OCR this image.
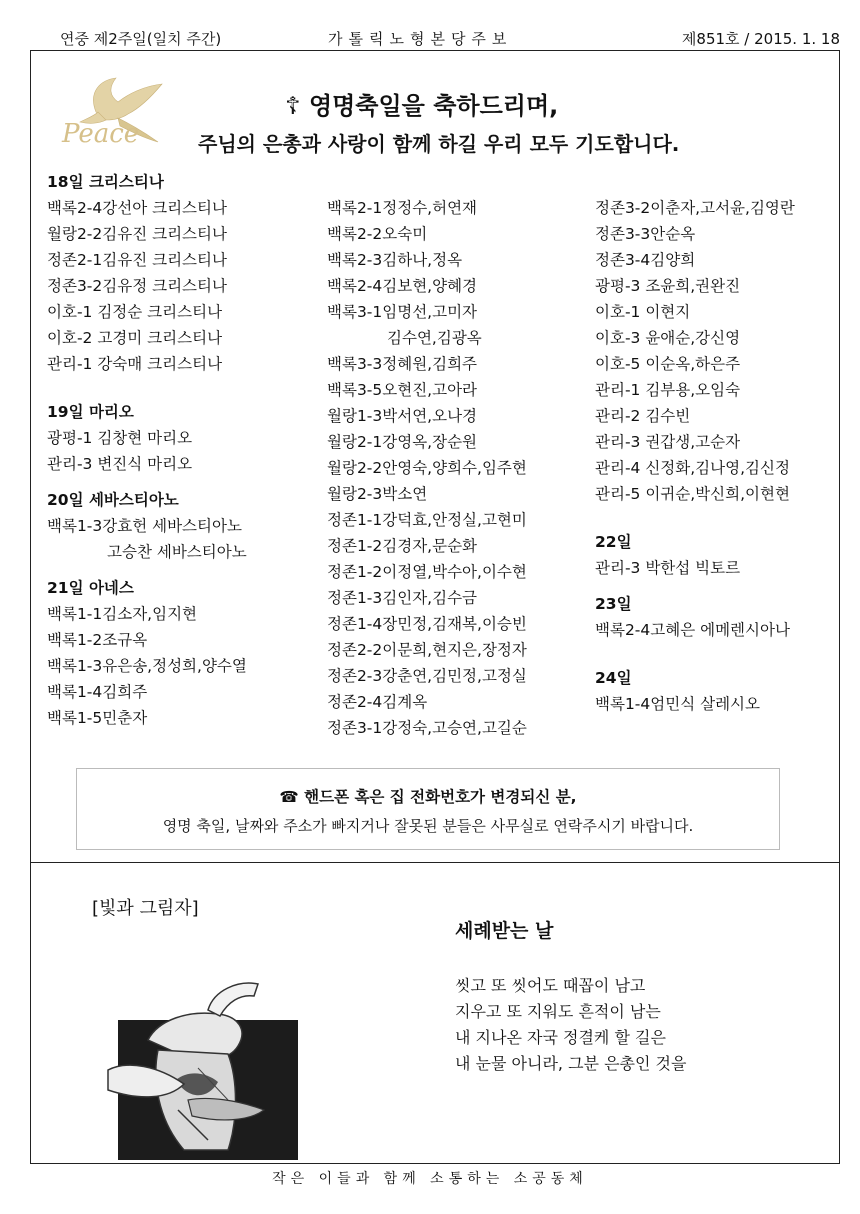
연중 제2주일(일치 주간)	가톨릭노형본당주보	제851호 / 2015. 1. 18
Peace
☦ 영명축일을 축하드리며,
주님의 은총과 사랑이 함께 하길 우리 모두 기도합니다.
18일 크리스티나
백록2-4강선아 크리스티나
월랑2-2김유진 크리스티나
정존2-1김유진 크리스티나
정존3-2김유정 크리스티나
이호-1 김정순 크리스티나
이호-2 고경미 크리스티나
관리-1 강숙매 크리스티나
19일 마리오
광평-1 김창현 마리오
관리-3 변진식 마리오
20일 세바스티아노
백록1-3강효헌 세바스티아노
고승찬 세바스티아노
21일 아네스
백록1-1김소자,임지현
백록1-2조규옥
백록1-3유은송,정성희,양수열
백록1-4김희주
백록1-5민춘자
백록2-1정정수,허연재
백록2-2오숙미
백록2-3김하나,정옥
백록2-4김보현,양혜경
백록3-1임명선,고미자
김수연,김광옥
백록3-3정혜원,김희주
백록3-5오현진,고아라
월랑1-3박서연,오나경
월랑2-1강영옥,장순원
월랑2-2안영숙,양희수,임주현
월랑2-3박소연
정존1-1강덕효,안정실,고현미
정존1-2김경자,문순화
정존1-2이정열,박수아,이수현
정존1-3김인자,김수금
정존1-4장민정,김재복,이승빈
정존2-2이문희,현지은,장정자
정존2-3강춘연,김민정,고정실
정존2-4김계옥
정존3-1강정숙,고승연,고길순
정존3-2이춘자,고서윤,김영란
정존3-3안순옥
정존3-4김양희
광평-3 조윤희,권완진
이호-1 이현지
이호-3 윤애순,강신영
이호-5 이순옥,하은주
관리-1 김부용,오임숙
관리-2 김수빈
관리-3 권갑생,고순자
관리-4 신정화,김나영,김신정
관리-5 이귀순,박신희,이현현
22일
관리-3 박한섭 빅토르
23일
백록2-4고혜은 에메렌시아나
24일
백록1-4엄민식 살레시오
☎ 핸드폰 혹은 집 전화번호가 변경되신 분,
영명 축일, 날짜와 주소가 빠지거나 잘못된 분들은 사무실로 연락주시기 바랍니다.
[빛과 그림자]
세례받는 날
씻고 또 씻어도 때꼽이 남고
지우고 또 지워도 흔적이 남는
내 지나온 자국 정결케 할 길은
내 눈물 아니라, 그분 은총인 것을
작은 이들과 함께 소통하는 소공동체
